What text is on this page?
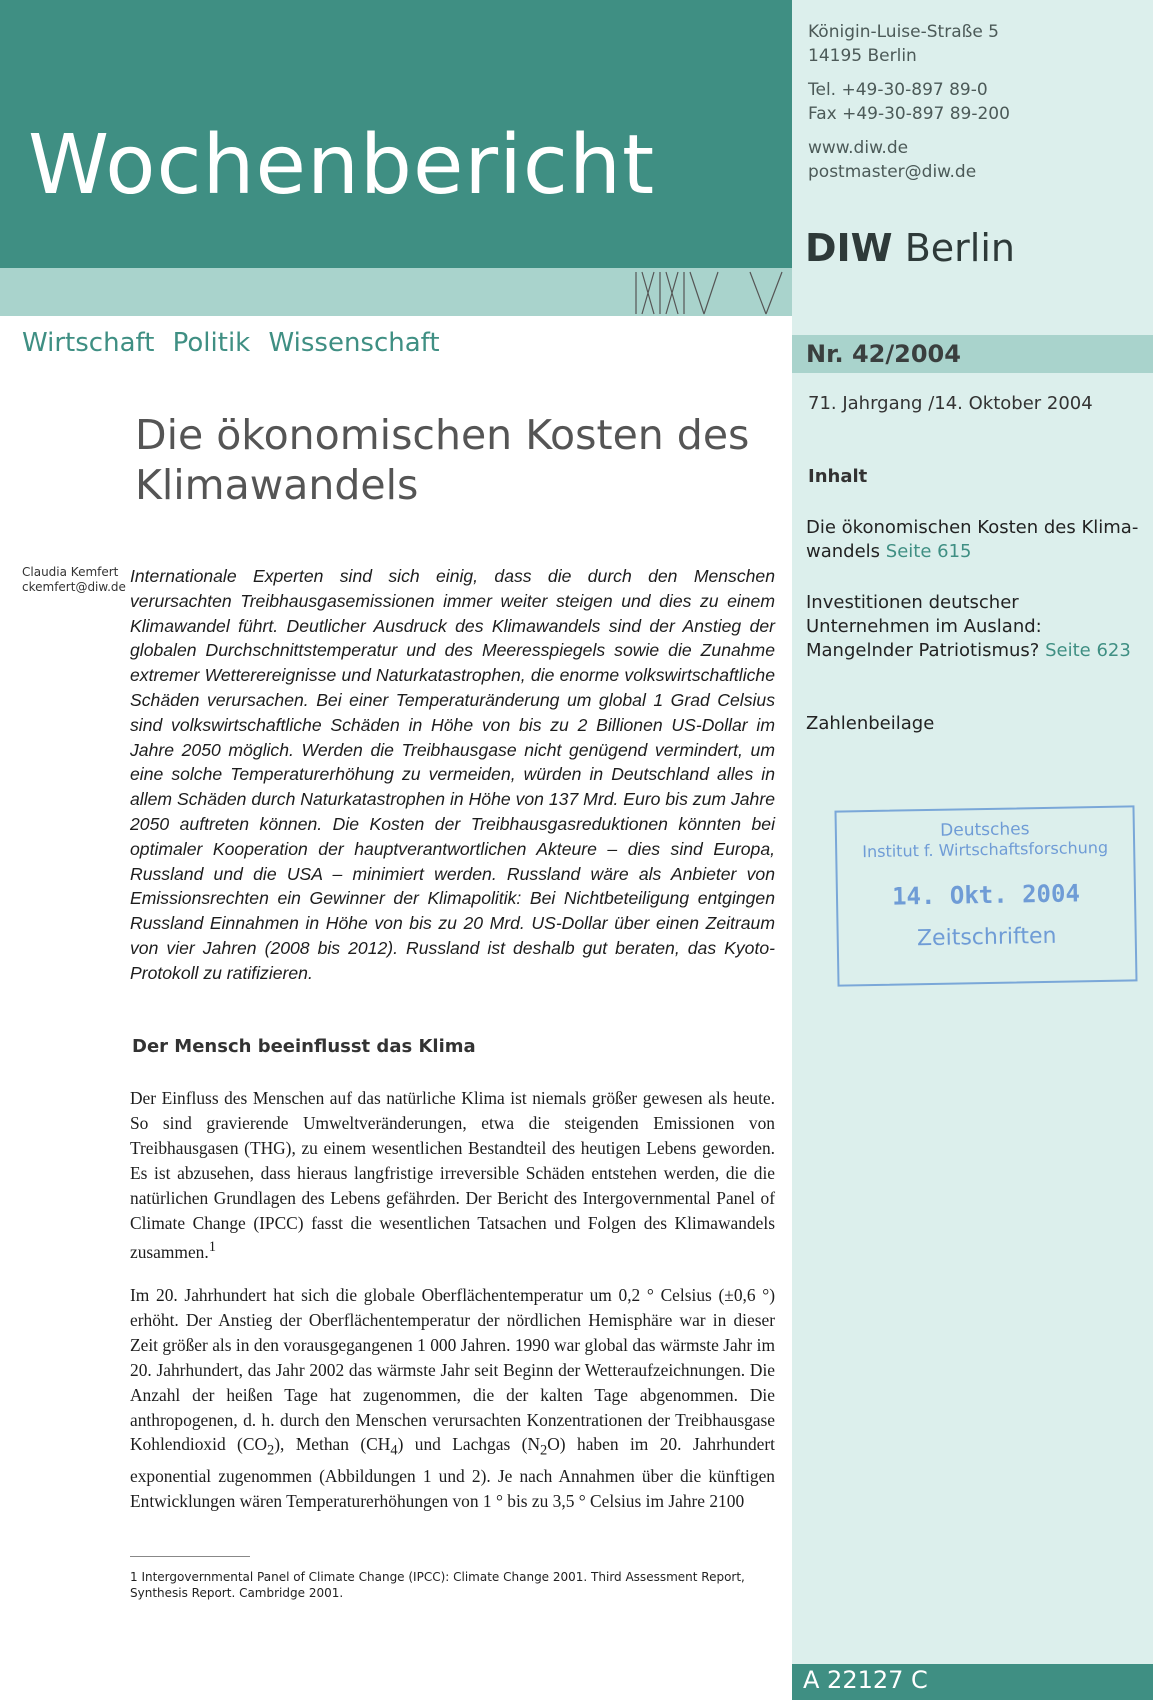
Wochenbericht
Wirtschaft Politik Wissenschaft
Königin-Luise-Straße 5
14195 Berlin
Tel. +49-30-897 89-0
Fax +49-30-897 89-200
www.diw.de
postmaster@diw.de
DIW Berlin
Nr. 42/2004
71. Jahrgang /14. Oktober 2004
Inhalt
Die ökonomischen Kosten des Klima-wandels Seite 615
Investitionen deutscher Unternehmen im Ausland: Mangelnder Patriotismus? Seite 623
Zahlenbeilage
Deutsches
Institut f. Wirtschaftsforschung
14. Okt. 2004
Zeitschriften
Die ökonomischen Kosten des Klimawandels
Claudia Kemfert
ckemfert@diw.de
Internationale Experten sind sich einig, dass die durch den Menschen verursachten Treibhausgasemissionen immer weiter steigen und dies zu einem Klimawandel führt. Deutlicher Ausdruck des Klimawandels sind der Anstieg der globalen Durchschnittstemperatur und des Meeresspiegels sowie die Zunahme extremer Wetterereignisse und Naturkatastrophen, die enorme volkswirtschaftliche Schäden verursachen. Bei einer Temperaturänderung um global 1 Grad Celsius sind volkswirtschaftliche Schäden in Höhe von bis zu 2 Billionen US-Dollar im Jahre 2050 möglich. Werden die Treibhausgase nicht genügend vermindert, um eine solche Temperaturerhöhung zu vermeiden, würden in Deutschland alles in allem Schäden durch Naturkatastrophen in Höhe von 137 Mrd. Euro bis zum Jahre 2050 auftreten können. Die Kosten der Treibhausgasreduktionen könnten bei optimaler Kooperation der hauptverantwortlichen Akteure – dies sind Europa, Russland und die USA – minimiert werden. Russland wäre als Anbieter von Emissionsrechten ein Gewinner der Klimapolitik: Bei Nichtbeteiligung entgingen Russland Einnahmen in Höhe von bis zu 20 Mrd. US-Dollar über einen Zeitraum von vier Jahren (2008 bis 2012). Russland ist deshalb gut beraten, das Kyoto-Protokoll zu ratifizieren.
Der Mensch beeinflusst das Klima
Der Einfluss des Menschen auf das natürliche Klima ist niemals größer gewesen als heute. So sind gravierende Umweltveränderungen, etwa die steigenden Emissionen von Treibhausgasen (THG), zu einem wesentlichen Bestandteil des heutigen Lebens geworden. Es ist abzusehen, dass hieraus langfristige irreversible Schäden entstehen werden, die die natürlichen Grundlagen des Lebens gefährden. Der Bericht des Intergovernmental Panel of Climate Change (IPCC) fasst die wesentlichen Tatsachen und Folgen des Klimawandels zusammen.$^1$
Im 20. Jahrhundert hat sich die globale Oberflächentemperatur um 0,2 ° Celsius (±0,6 °) erhöht. Der Anstieg der Oberflächentemperatur der nördlichen Hemisphäre war in dieser Zeit größer als in den vorausgegangenen 1 000 Jahren. 1990 war global das wärmste Jahr im 20. Jahrhundert, das Jahr 2002 das wärmste Jahr seit Beginn der Wetteraufzeichnungen. Die Anzahl der heißen Tage hat zugenommen, die der kalten Tage abgenommen. Die anthropogenen, d. h. durch den Menschen verursachten Konzentrationen der Treibhausgase Kohlendioxid $(CO_2)$, Methan $(CH_4)$ und Lachgas $(N_2O)$ haben im 20. Jahrhundert exponential zugenommen (Abbildungen 1 und 2). Je nach Annahmen über die künftigen Entwicklungen wären Temperaturerhöhungen von 1 ° bis zu 3,5 ° Celsius im Jahre 2100
1 Intergovernmental Panel of Climate Change (IPCC): Climate Change 2001. Third Assessment Report, Synthesis Report. Cambridge 2001.
A 22127 C
